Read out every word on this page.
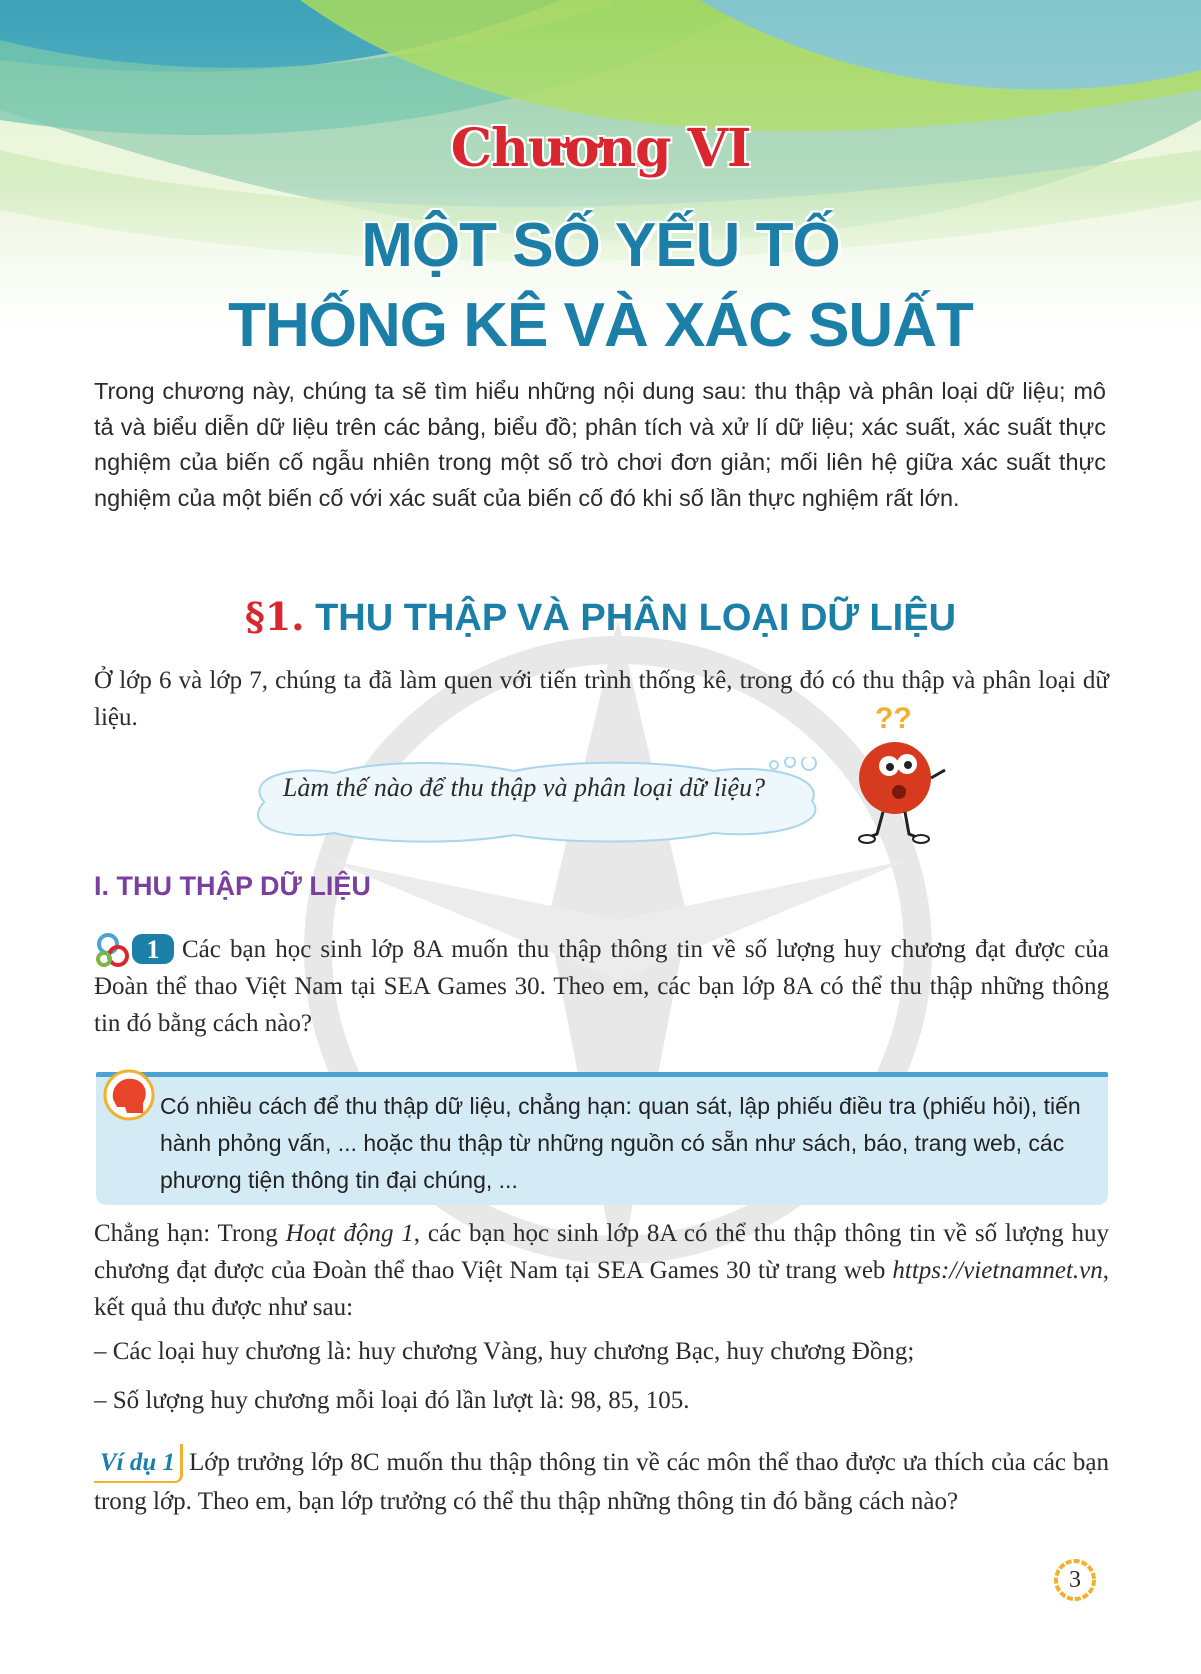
Chương VI
MỘT SỐ YẾU TỐ
THỐNG KÊ VÀ XÁC SUẤT
Trong chương này, chúng ta sẽ tìm hiểu những nội dung sau: thu thập và phân loại dữ liệu; mô tả và biểu diễn dữ liệu trên các bảng, biểu đồ; phân tích và xử lí dữ liệu; xác suất, xác suất thực nghiệm của biến cố ngẫu nhiên trong một số trò chơi đơn giản; mối liên hệ giữa xác suất thực nghiệm của một biến cố với xác suất của biến cố đó khi số lần thực nghiệm rất lớn.
§1. THU THẬP VÀ PHÂN LOẠI DỮ LIỆU
Ở lớp 6 và lớp 7, chúng ta đã làm quen với tiến trình thống kê, trong đó có thu thập và phân loại dữ liệu.
Làm thế nào để thu thập và phân loại dữ liệu?
??
I. THU THẬP DỮ LIỆU
1 Các bạn học sinh lớp 8A muốn thu thập thông tin về số lượng huy chương đạt được của Đoàn thể thao Việt Nam tại SEA Games 30. Theo em, các bạn lớp 8A có thể thu thập những thông tin đó bằng cách nào?
Có nhiều cách để thu thập dữ liệu, chẳng hạn: quan sát, lập phiếu điều tra (phiếu hỏi), tiến hành phỏng vấn, ... hoặc thu thập từ những nguồn có sẵn như sách, báo, trang web, các phương tiện thông tin đại chúng, ...
Chẳng hạn: Trong Hoạt động 1, các bạn học sinh lớp 8A có thể thu thập thông tin về số lượng huy chương đạt được của Đoàn thể thao Việt Nam tại SEA Games 30 từ trang web https://vietnamnet.vn, kết quả thu được như sau:
– Các loại huy chương là: huy chương Vàng, huy chương Bạc, huy chương Đồng;
– Số lượng huy chương mỗi loại đó lần lượt là: 98, 85, 105.
Ví dụ 1 Lớp trưởng lớp 8C muốn thu thập thông tin về các môn thể thao được ưa thích của các bạn trong lớp. Theo em, bạn lớp trưởng có thể thu thập những thông tin đó bằng cách nào?
3
